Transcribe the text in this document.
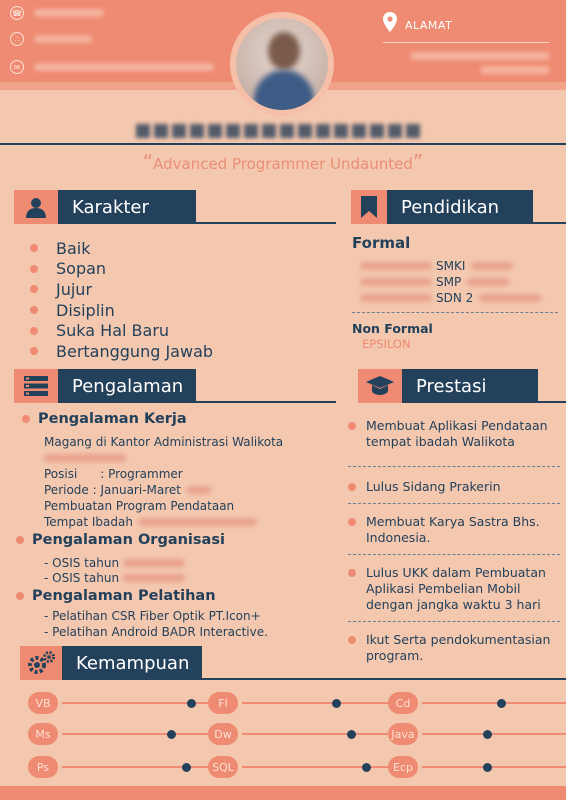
☎
∴
✉
ALAMAT
“Advanced Programmer Undaunted”
Karakter
Baik
Sopan
Jujur
Disiplin
Suka Hal Baru
Bertanggung Jawab
Pendidikan
Formal
SMKI
SMP
SDN 2
Non Formal
EPSILON
Pengalaman
Pengalaman Kerja
Magang di Kantor Administrasi Walikota
Posisi      : Programmer
Periode : Januari-Maret
Pembuatan Program Pendataan
Tempat Ibadah
Pengalaman Organisasi
- OSIS tahun
- OSIS tahun
Pengalaman Pelatihan
- Pelatihan CSR Fiber Optik PT.Icon+
- Pelatihan Android BADR Interactive.
Prestasi
Membuat Aplikasi Pendataan
tempat ibadah Walikota
Lulus Sidang Prakerin
Membuat Karya Sastra Bhs.
Indonesia.
Lulus UKK dalam Pembuatan
Aplikasi Pembelian Mobil
dengan jangka waktu 3 hari
Ikut Serta pendokumentasian
program.
Kemampuan
VB	FI	Cd
Ms	Dw	Java
Ps	SQL	Ecp
